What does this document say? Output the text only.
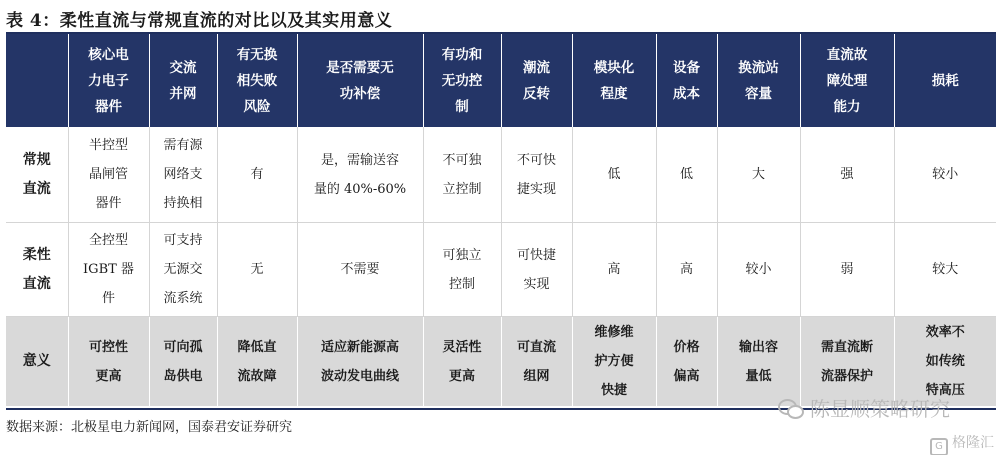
表 4：柔性直流与常规直流的对比以及其实用意义

	核心电
力电子
器件	交流
并网	有无换
相失败
风险	是否需要无
功补偿	有功和
无功控
制	潮流
反转	模块化
程度	设备
成本	换流站
容量	直流故
障处理
能力	损耗

常规
直流	半控型
晶闸管
器件	需有源
网络支
持换相	有	是，需输送容
量的 40%-60%	不可独
立控制	不可快
捷实现	低	低	大	强	较小

柔性
直流	全控型
IGBT 器
件	可支持
无源交
流系统	无	不需要	可独立
控制	可快捷
实现	高	高	较小	弱	较大

意义	可控性
更高	可向孤
岛供电	降低直
流故障	适应新能源高
波动发电曲线	灵活性
更高	可直流
组网	维修维
护方便
快捷	价格
偏高	输出容
量低	需直流断
流器保护	效率不
如传统
特高压
数据来源：北极星电力新闻网，国泰君安证券研究
陈显顺策略研究
G 格隆汇
